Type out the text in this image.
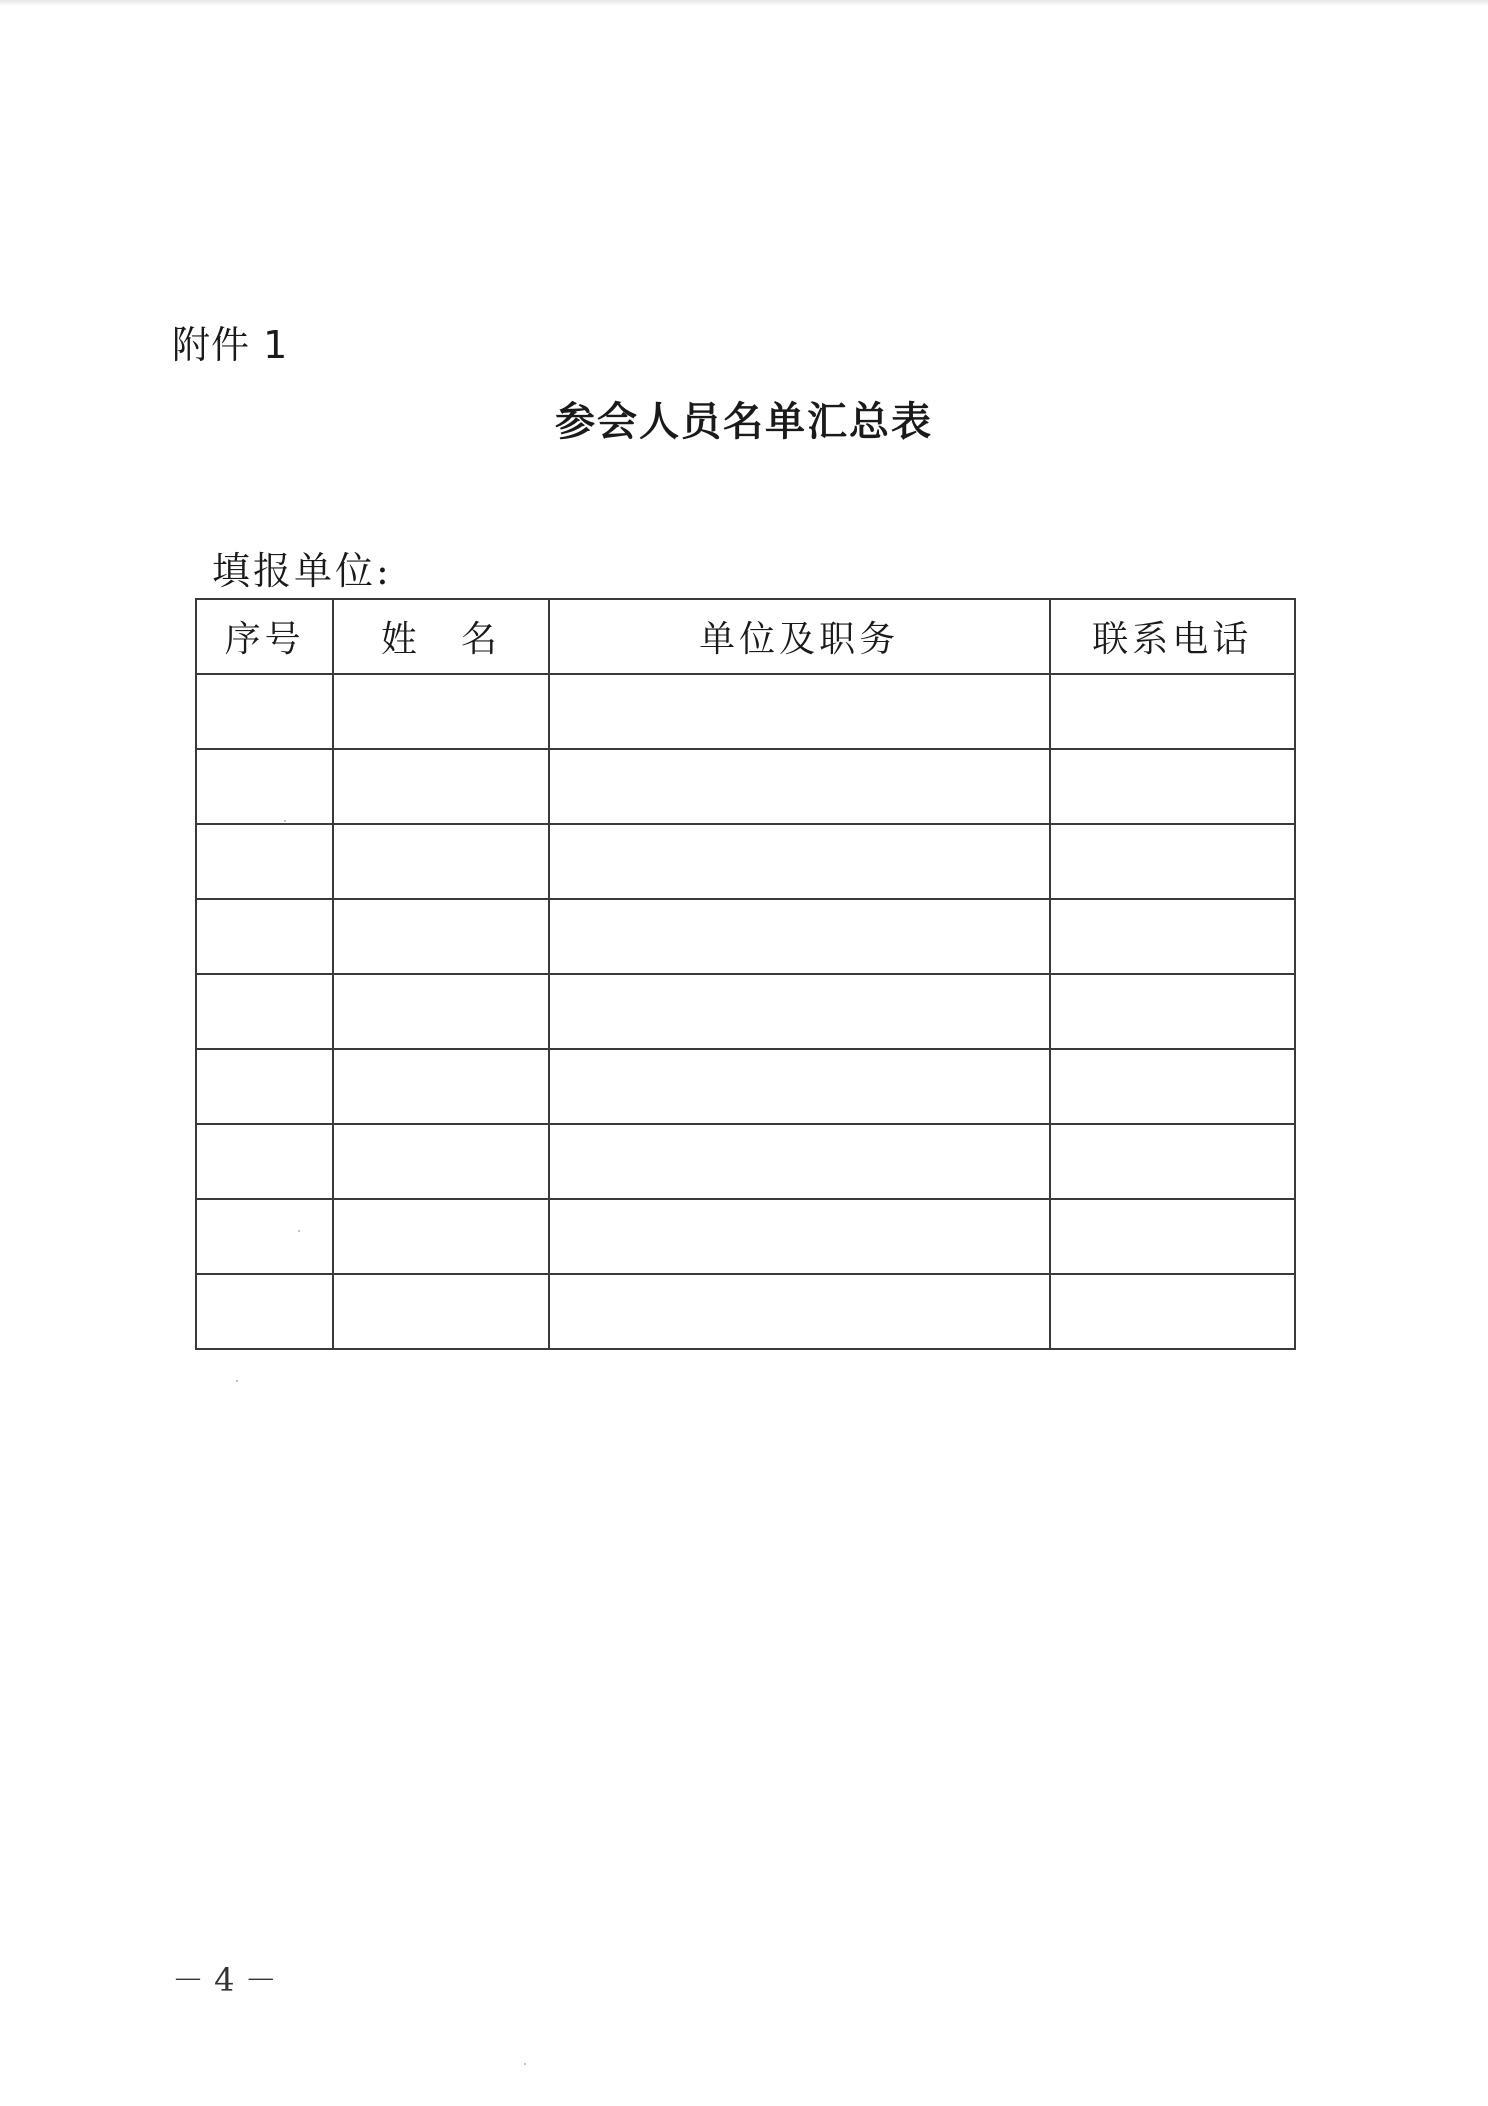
附件 1
参会人员名单汇总表
填报单位:
序号	姓　名	单位及职务	联系电话

－ 4 －
